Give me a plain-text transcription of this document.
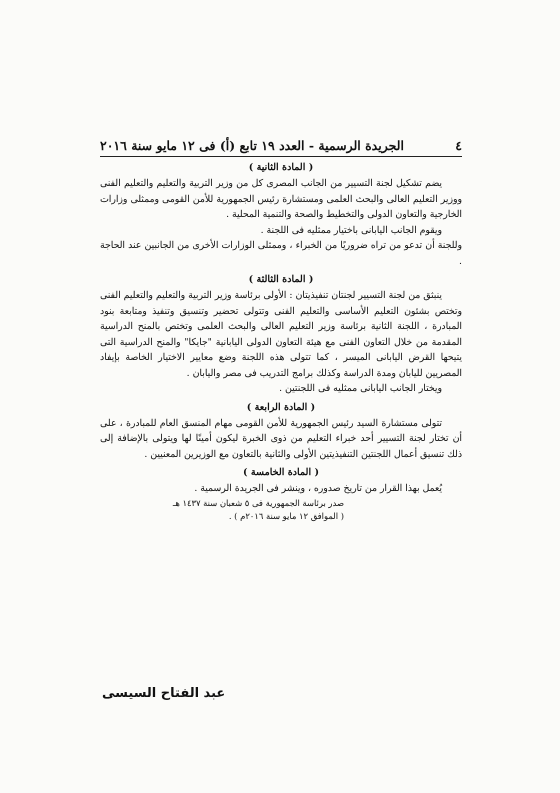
٤
الجريدة الرسمية - العدد ١٩ تابع (أ) فى ١٢ مايو سنة ٢٠١٦
( المادة الثانية )

يضم تشكيل لجنة التسيير من الجانب المصرى كل من وزير التربية والتعليم والتعليم الفنى ووزير التعليم العالى والبحث العلمى ومستشارة رئيس الجمهورية للأمن القومى وممثلى وزارات الخارجية والتعاون الدولى والتخطيط والصحة والتنمية المحلية .

ويقوم الجانب اليابانى باختيار ممثليه فى اللجنة .

وللجنة أن تدعو من تراه ضروريًا من الخبراء ، وممثلى الوزارات الأخرى من الجانبين عند الحاجة .

( المادة الثالثة )

ينبثق من لجنة التسيير لجنتان تنفيذيتان : الأولى برئاسة وزير التربية والتعليم والتعليم الفنى وتختص بشئون التعليم الأساسى والتعليم الفنى وتتولى تحضير وتنسيق وتنفيذ ومتابعة بنود المبادرة ، اللجنة الثانية برئاسة وزير التعليم العالى والبحث العلمى وتختص بالمنح الدراسية المقدمة من خلال التعاون الفنى مع هيئة التعاون الدولى اليابانية "جايكا" والمنح الدراسية التى يتيحها القرض اليابانى الميسر ، كما تتولى هذه اللجنة وضع معايير الاختيار الخاصة بإيفاد المصريين لليابان ومدة الدراسة وكذلك برامج التدريب فى مصر واليابان .

ويختار الجانب اليابانى ممثليه فى اللجنتين .

( المادة الرابعة )

تتولى مستشارة السيد رئيس الجمهورية للأمن القومى مهام المنسق العام للمبادرة ، على أن تختار لجنة التسيير أحد خبراء التعليم من ذوى الخبرة ليكون أمينًا لها ويتولى بالإضافة إلى ذلك تنسيق أعمال اللجنتين التنفيذيتين الأولى والثانية بالتعاون مع الوزيرين المعنيين .

( المادة الخامسة )

يُعمل بهذا القرار من تاريخ صدوره ، وينشر فى الجريدة الرسمية .

صدر برئاسة الجمهورية فى ٥ شعبان سنة ١٤٣٧ هـ
( الموافق ١٢ مايو سنة ٢٠١٦م ) .
عبد الفتاح السيسى
